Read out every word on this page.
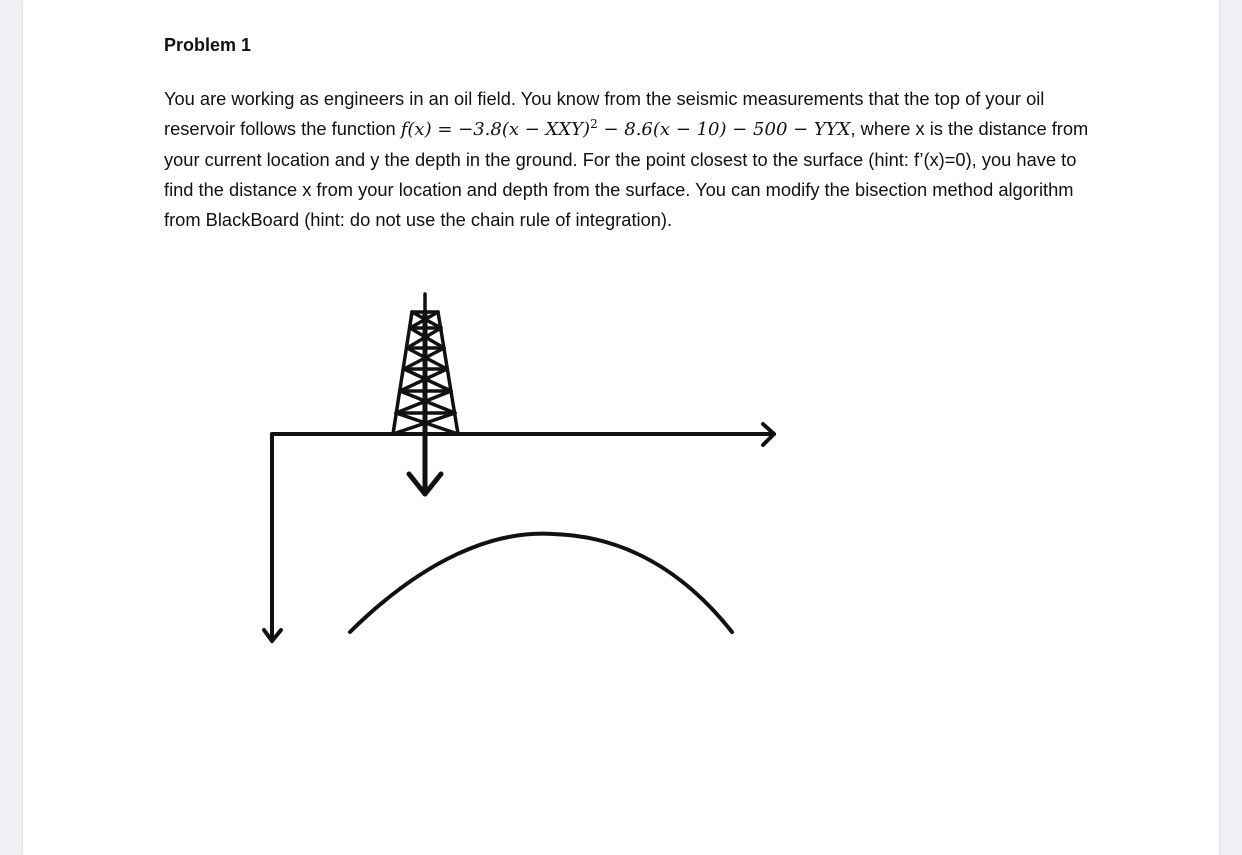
Problem 1

You are working as engineers in an oil field. You know from the seismic measurements that the top of your oil reservoir follows the function f(x) = −3.8(x − XXY)$^2$ − 8.6(x − 10) − 500 − YYX, where x is the distance from your current location and y the depth in the ground. For the point closest to the surface (hint: f’(x)=0), you have to find the distance x from your location and depth from the surface. You can modify the bisection method algorithm from BlackBoard (hint: do not use the chain rule of integration).
